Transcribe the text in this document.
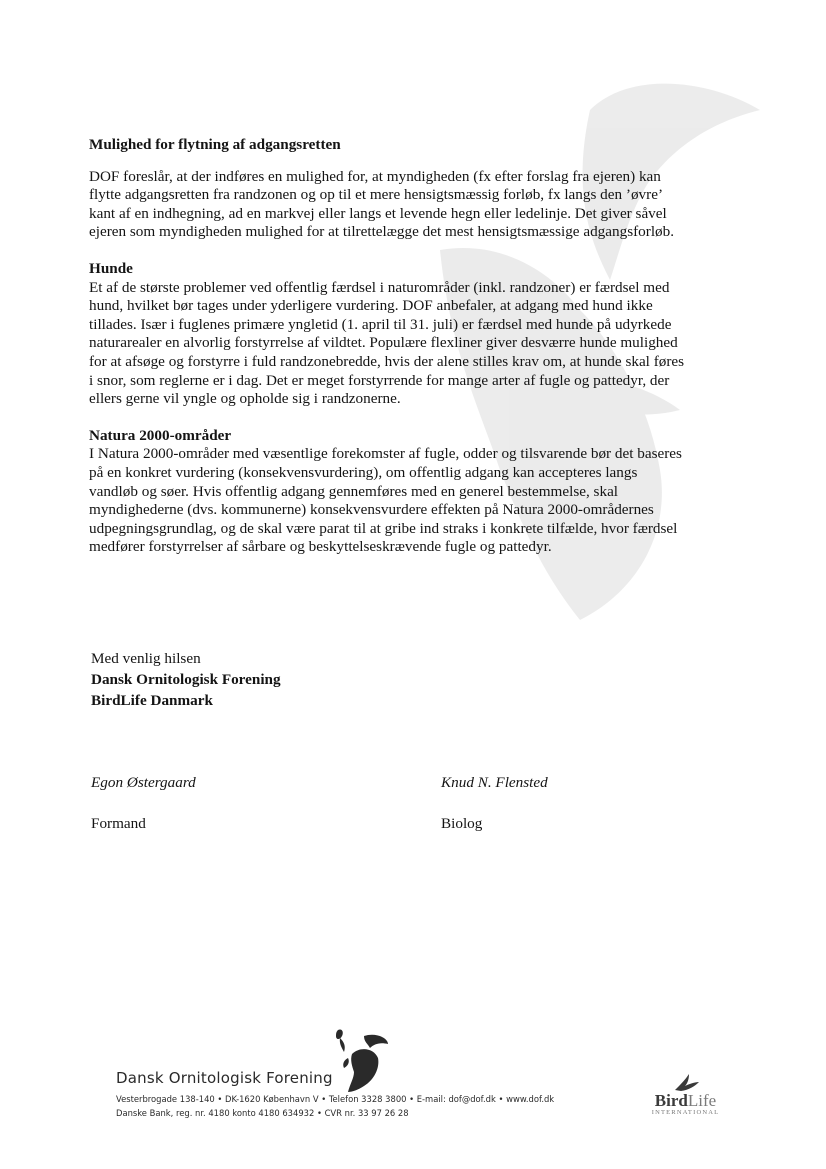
Mulighed for flytning af adgangsretten

DOF foreslår, at der indføres en mulighed for, at myndigheden (fx efter forslag fra ejeren) kan flytte adgangsretten fra randzonen og op til et mere hensigtsmæssig forløb, fx langs den ’øvre’ kant af en indhegning, ad en markvej eller langs et levende hegn eller ledelinje. Det giver såvel ejeren som myndigheden mulighed for at tilrettelægge det mest hensigtsmæssige adgangsforløb.

Hunde

Et af de største problemer ved offentlig færdsel i naturområder (inkl. randzoner) er færdsel med hund, hvilket bør tages under yderligere vurdering. DOF anbefaler, at adgang med hund ikke tillades. Især i fuglenes primære yngletid (1. april til 31. juli) er færdsel med hunde på udyrkede naturarealer en alvorlig forstyrrelse af vildtet. Populære flexliner giver desværre hunde mulighed for at afsøge og forstyrre i fuld randzonebredde, hvis der alene stilles krav om, at hunde skal føres i snor, som reglerne er i dag. Det er meget forstyrrende for mange arter af fugle og pattedyr, der ellers gerne vil yngle og opholde sig i randzonerne.

Natura 2000-områder

I Natura 2000-områder med væsentlige forekomster af fugle, odder og tilsvarende bør det baseres på en konkret vurdering (konsekvensvurdering), om offentlig adgang kan accepteres langs vandløb og søer. Hvis offentlig adgang gennemføres med en generel bestemmelse, skal myndighederne (dvs. kommunerne) konsekvensvurdere effekten på Natura 2000-områdernes udpegningsgrundlag, og de skal være parat til at gribe ind straks i konkrete tilfælde, hvor færdsel medfører forstyrrelser af sårbare og beskyttelseskrævende fugle og pattedyr.

Med venlig hilsen
Dansk Ornitologisk Forening
BirdLife Danmark
Egon Østergaard
Formand
Knud N. Flensted
Biolog
Dansk Ornitologisk Forening
Vesterbrogade 138-140 • DK-1620 København V • Telefon 3328 3800 • E-mail: dof@dof.dk • www.dof.dk
Danske Bank, reg. nr. 4180 konto 4180 634932 • CVR nr. 33 97 26 28
BirdLife
INTERNATIONAL
